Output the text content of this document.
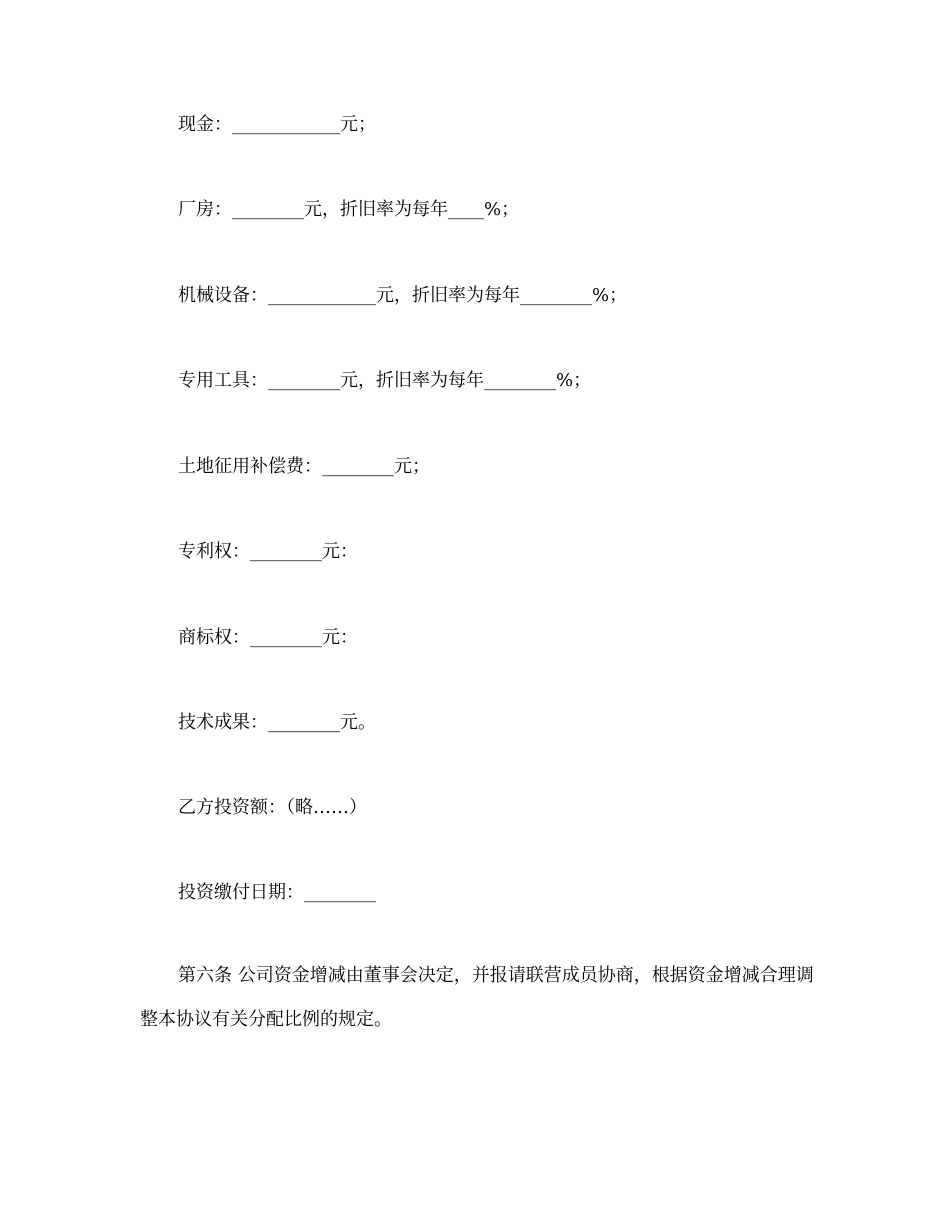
现金：____________元；
厂房：________元，折旧率为每年____%；
机械设备：____________元，折旧率为每年________%；
专用工具：________元，折旧率为每年________%；
土地征用补偿费：________元；
专利权：________元：
商标权：________元：
技术成果：________元。
乙方投资额：（略……）
投资缴付日期：________
第六条 公司资金增减由董事会决定，并报请联营成员协商，根据资金增减合理调整本协议有关分配比例的规定。
